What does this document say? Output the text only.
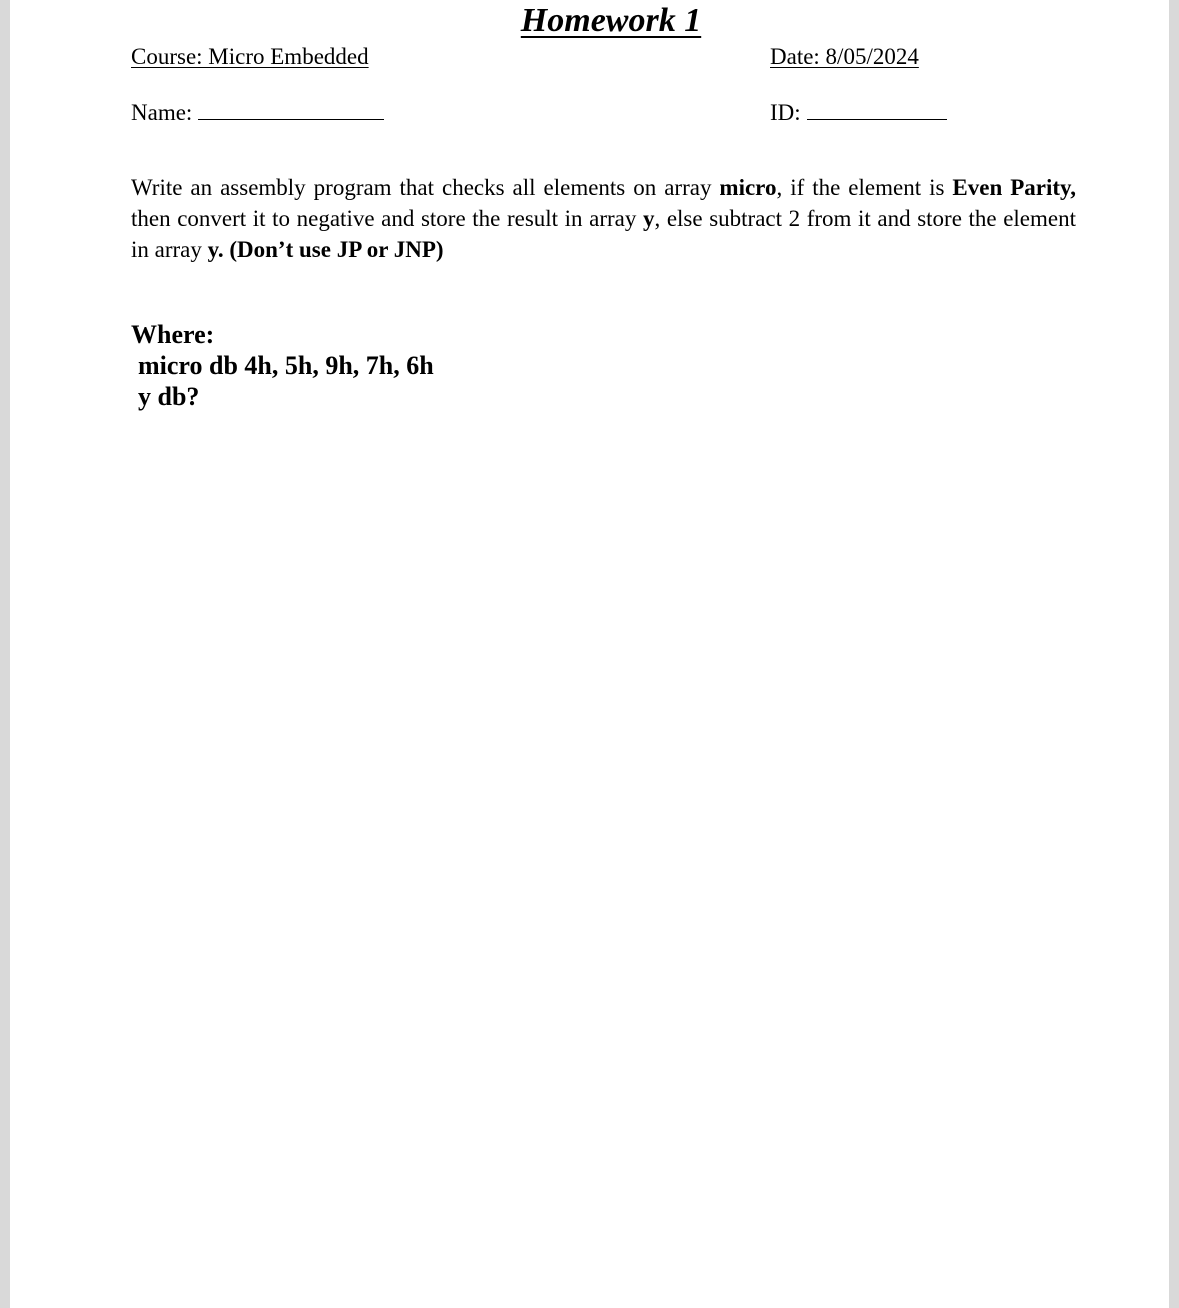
Homework 1
Course: Micro Embedded	Date: 8/05/2024
Name:	ID:
Write an assembly program that checks all elements on array micro, if the element is Even Parity, then convert it to negative and store the result in array y, else subtract 2 from it and store the element in array y. (Don’t use JP or JNP)
Where:
micro db 4h, 5h, 9h, 7h, 6h
y db?
